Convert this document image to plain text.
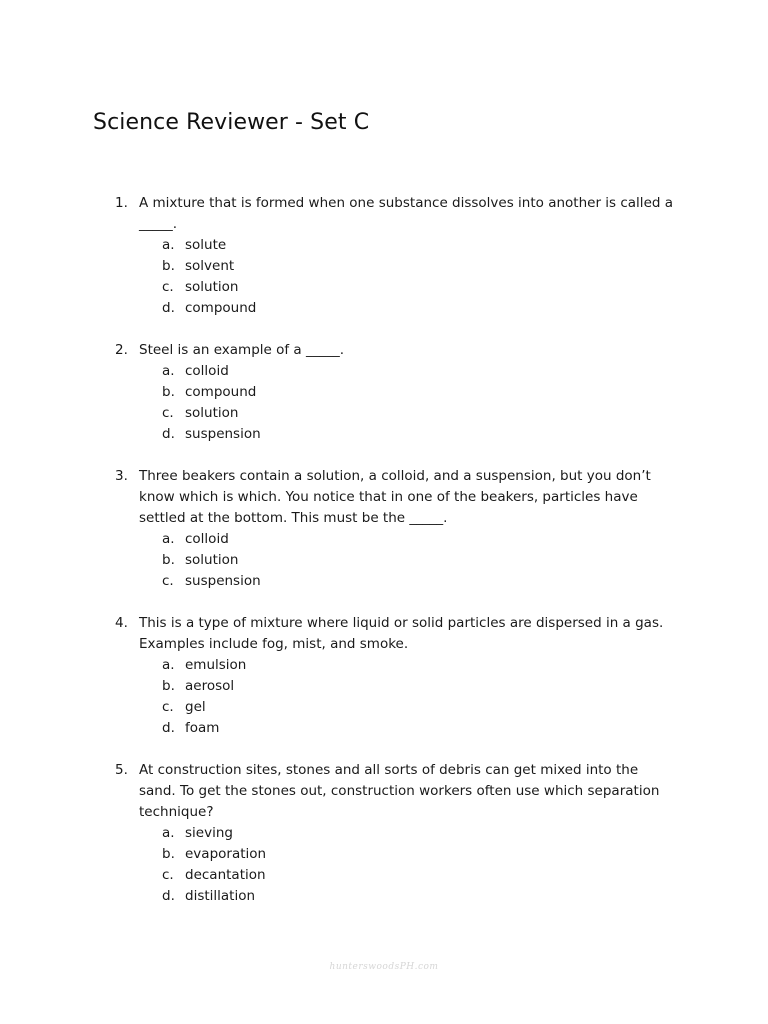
Science Reviewer - Set C
1. A mixture that is formed when one substance dissolves into another is called a _____.
a. solute
b. solvent
c. solution
d. compound
2. Steel is an example of a _____.
a. colloid
b. compound
c. solution
d. suspension
3. Three beakers contain a solution, a colloid, and a suspension, but you don’t know which is which. You notice that in one of the beakers, particles have settled at the bottom. This must be the _____.
a. colloid
b. solution
c. suspension
4. This is a type of mixture where liquid or solid particles are dispersed in a gas. Examples include fog, mist, and smoke.
a. emulsion
b. aerosol
c. gel
d. foam
5. At construction sites, stones and all sorts of debris can get mixed into the sand. To get the stones out, construction workers often use which separation technique?
a. sieving
b. evaporation
c. decantation
d. distillation
hunterswoodsPH.com
